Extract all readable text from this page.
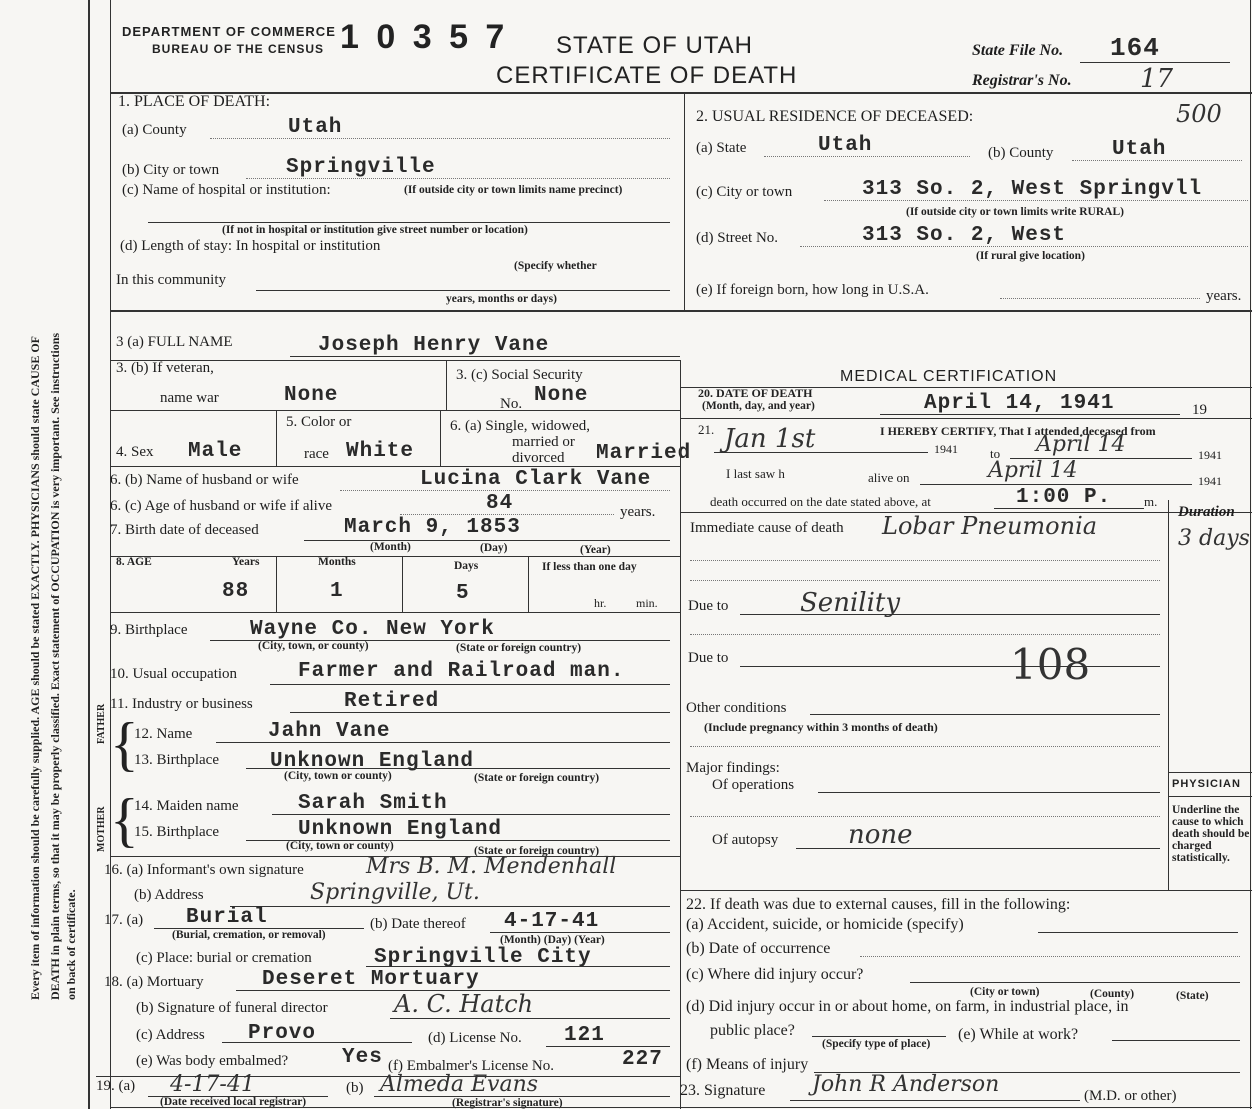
Every item of information should be carefully supplied. AGE should be stated EXACTLY. PHYSICIANS should state CAUSE OF DEATH in plain terms, so that it may be properly classified. Exact statement of OCCUPATION is very important. See instructions on back of certificate.
DEPARTMENT OF COMMERCE
BUREAU OF THE CENSUS 1 0 3 5 7 STATE OF UTAH
CERTIFICATE OF DEATH
State File No. 164
Registrar's No.	17
1. PLACE OF DEATH:
(a) County	Utah
(b) City or town	Springville
(c) Name of hospital or institution:	(If outside city or town limits name precinct)
(If not in hospital or institution give street number or location)
(d) Length of stay: In hospital or institution
(Specify whether
In this community
years, months or days)
2. USUAL RESIDENCE OF DECEASED:	500
(a) State	Utah	(b) County	Utah
(c) City or town	313 So. 2, West Springvll
(If outside city or town limits write RURAL)
(d) Street No.	313 So. 2, West
(If rural give location)
(e) If foreign born, how long in U.S.A.	years.
3 (a) FULL NAME	Joseph Henry Vane
3. (b) If veteran,
name war	None
3. (c) Social Security
No. None
4. Sex Male
5. Color or
race White
6. (a) Single, widowed,
married or
divorced Married
6. (b) Name of husband or wife	Lucina Clark Vane
6. (c) Age of husband or wife if alive	84	years.
7. Birth date of deceased	March 9, 1853
(Month)	(Day)	(Year)
8. AGE	Years	Months	Days	If less than one day
88	1	5	hr. min.
9. Birthplace	Wayne Co. New York
(City, town, or county)	(State or foreign country)
10. Usual occupation	Farmer and Railroad man.
11. Industry or business	Retired
FATHER {
12. Name	Jahn Vane
13. Birthplace Unknown England
(City, town or county)	(State or foreign country)
MOTHER {
14. Maiden name	Sarah Smith
15. Birthplace	Unknown England
(City, town or county)	(State or foreign country)
16. (a) Informant's own signature	Mrs B. M. Mendenhall
(b) Address	Springville, Ut.
17. (a) Burial
(Burial, cremation, or removal)
(b) Date thereof 4-17-41
(Month) (Day) (Year)
(c) Place: burial or cremation	Springville City
18. (a) Mortuary	Deseret Mortuary
(b) Signature of funeral director	A. C. Hatch
(c) Address Provo	(d) License No. 121
(e) Was body embalmed?	Yes (f) Embalmer's License No.	227
19. (a) 4-17-41
(Date received local registrar)
(b) Almeda Evans
(Registrar's signature)
MEDICAL CERTIFICATION
20. DATE OF DEATH
(Month, day, and year)	April 14, 1941	19
21.	I HEREBY CERTIFY, That I attended deceased from
Jan 1st	1941 to April 14	1941
I last saw h	alive on	April 14	1941
death occurred on the date stated above, at	1:00 P.	m.
Duration
3 days
Immediate cause of death Lobar Pneumonia
Due to	Senility
Due to	108
Other conditions
(Include pregnancy within 3 months of death)
Major findings:
Of operations
Of autopsy	none
PHYSICIAN
Underline the cause to which death should be charged statistically.
22. If death was due to external causes, fill in the following:
(a) Accident, suicide, or homicide (specify)
(b) Date of occurrence
(c) Where did injury occur?
(City or town)	(County)	(State)
(d) Did injury occur in or about home, on farm, in industrial place, in
public place?
(Specify type of place)
(e) While at work?
(f) Means of injury
23. Signature John R Anderson	(M.D. or other)
